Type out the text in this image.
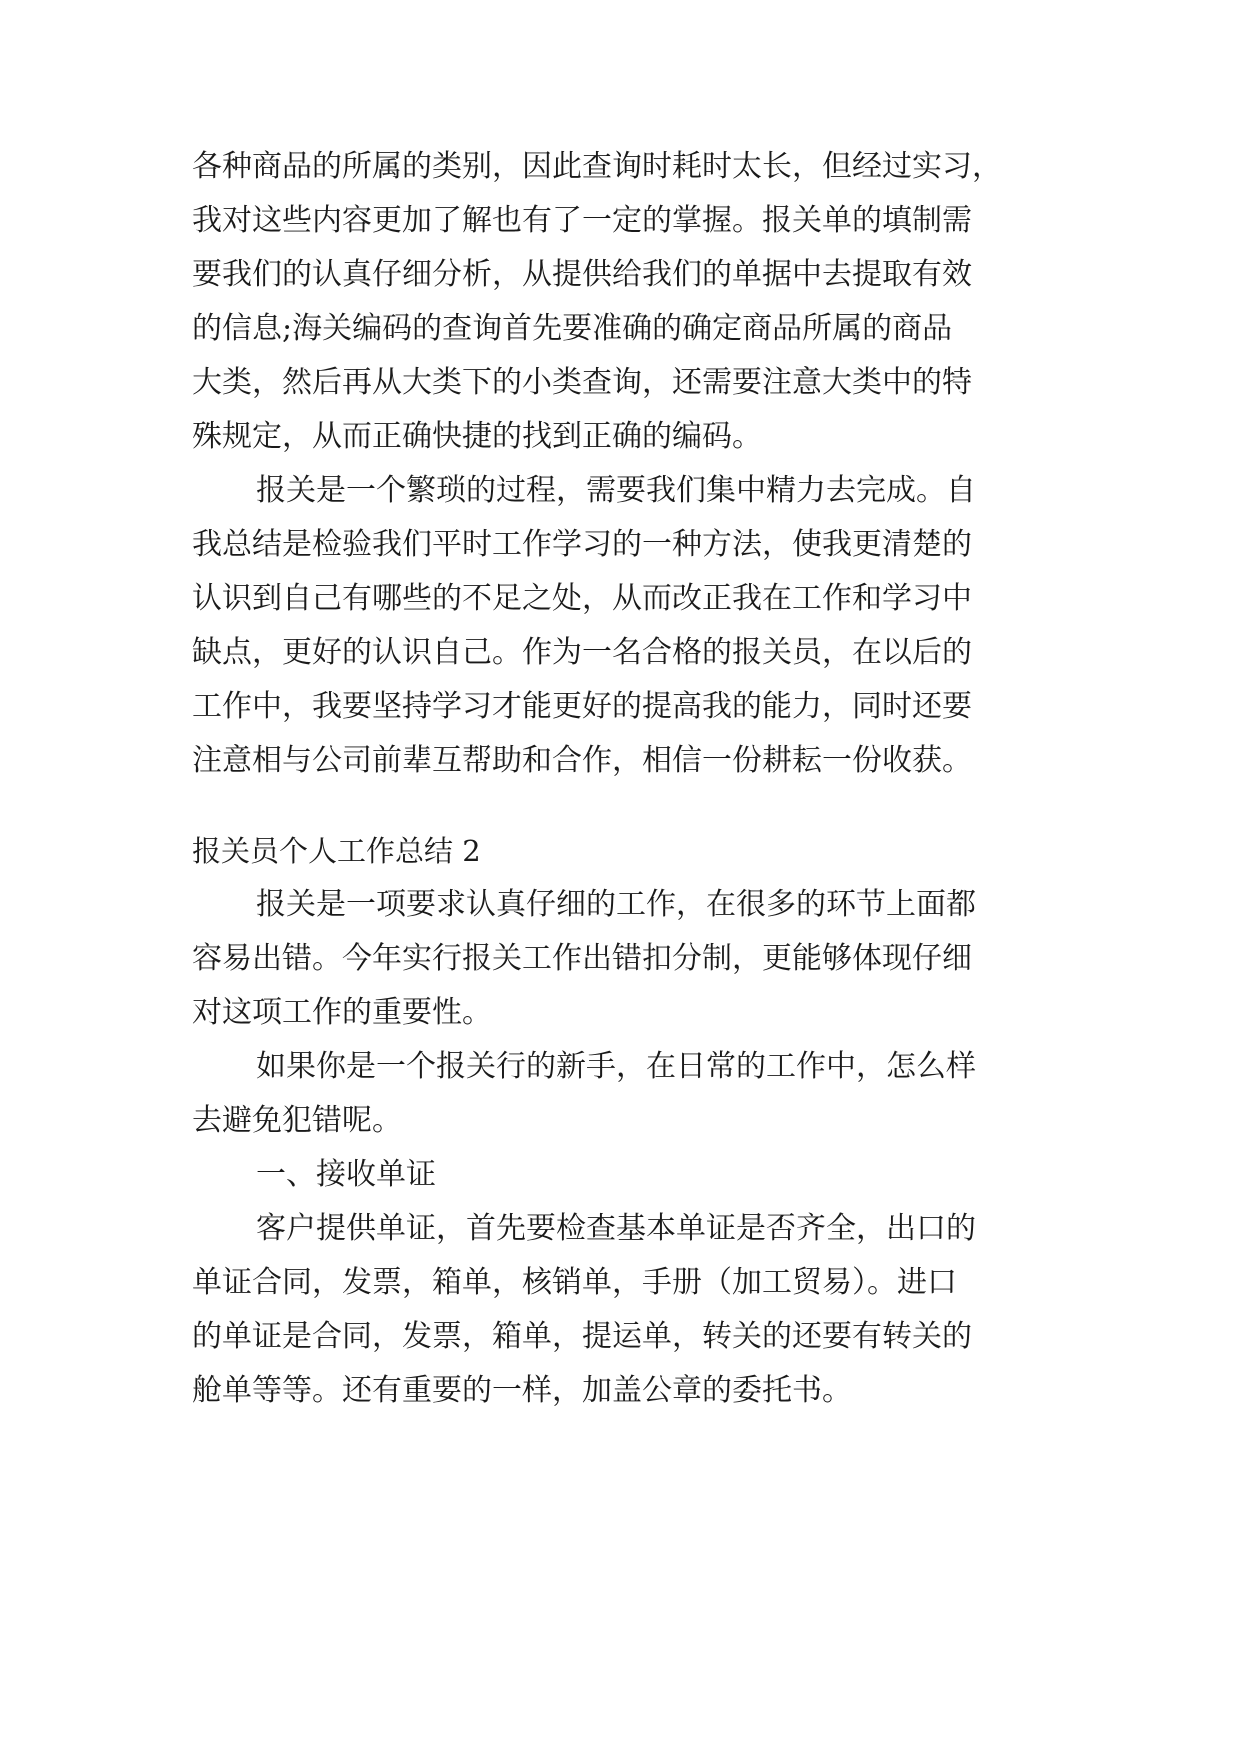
各种商品的所属的类别，因此查询时耗时太长，但经过实习，
我对这些内容更加了解也有了一定的掌握。报关单的填制需
要我们的认真仔细分析，从提供给我们的单据中去提取有效
的信息;海关编码的查询首先要准确的确定商品所属的商品
大类，然后再从大类下的小类查询，还需要注意大类中的特
殊规定，从而正确快捷的找到正确的编码。
报关是一个繁琐的过程，需要我们集中精力去完成。自
我总结是检验我们平时工作学习的一种方法，使我更清楚的
认识到自己有哪些的不足之处，从而改正我在工作和学习中
缺点，更好的认识自己。作为一名合格的报关员，在以后的
工作中，我要坚持学习才能更好的提高我的能力，同时还要
注意相与公司前辈互帮助和合作，相信一份耕耘一份收获。
报关员个人工作总结 2
报关是一项要求认真仔细的工作，在很多的环节上面都
容易出错。今年实行报关工作出错扣分制，更能够体现仔细
对这项工作的重要性。
如果你是一个报关行的新手，在日常的工作中，怎么样
去避免犯错呢。
一、接收单证
客户提供单证，首先要检查基本单证是否齐全，出口的
单证合同，发票，箱单，核销单，手册（加工贸易）。进口
的单证是合同，发票，箱单，提运单，转关的还要有转关的
舱单等等。还有重要的一样，加盖公章的委托书。
